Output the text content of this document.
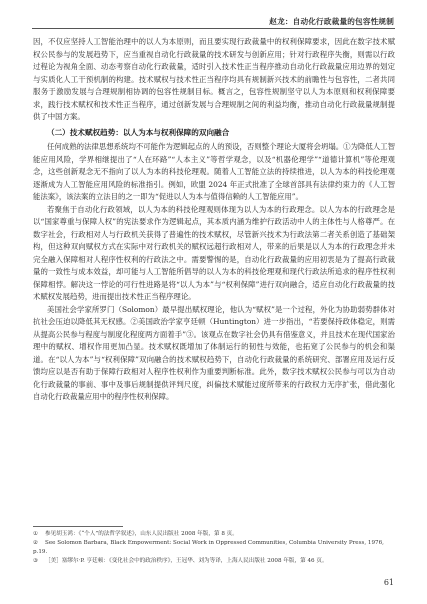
赵龙：自动化行政裁量的包容性规制

因，不仅应坚持人工智能治理中的以人为本原则，而且要实现行政裁量中的权利保障要求，因此在数字技术赋权公民参与的发展趋势下，应当重视自动化行政裁量的技术研发与创新应用；针对行政程序失衡，则需以行政过程论为视角全面、动态考察自动化行政裁量，适时引入技术性正当程序推动自动化行政裁量应用边界的划定与实质化人工干预机制的构建。技术赋权与技术性正当程序均具有规制新兴技术的前瞻性与包容性，二者共同服务于激励发展与合理规制相协调的包容性规制目标。概言之，包容性规制坚守以人为本原则和权利保障要求，践行技术赋权和技术性正当程序，通过创新发展与合理规制之间的利益均衡，推动自动化行政裁量规制提供了中国方案。

（二）技术赋权趋势：以人为本与权利保障的双向融合

任何成熟的法律思想系统均不可能作为逻辑起点的人的预设，否则整个理论大厦将会坍塌。①为降低人工智能应用风险，学界相继提出了“人在环路”“人本主义”等哲学观念，以及“机器伦理学”“道德计算机”等伦理观念，这些创新观念无不指向了以人为本的科技伦理观。随着人工智能立法的持续推进，以人为本的科技伦理观逐渐成为人工智能应用风险的标准指引。例如，欧盟 2024 年正式批准了全球首部具有法律约束力的《人工智能法案》，该法案的立法目的之一即为“促进以人为本与值得信赖的人工智能应用”。

若聚焦于自动化行政领域，以人为本的科技伦理观则体现为以人为本的行政理念。以人为本的行政理念是以“国家尊重与保障人权”的宪法要求作为逻辑起点，其本质内涵为维护行政活动中人的主体性与人格尊严。在数字社会，行政相对人与行政机关获得了普遍性的技术赋权，尽管新兴技术为行政法第二者关系创造了基础架构，但这种双向赋权方式在实际中对行政机关的赋权远超行政相对人，带来的后果是以人为本的行政理念并未完全融入保障相对人程序性权利的行政法之中。需要警惕的是，自动化行政裁量的应用初衷是为了提高行政裁量的一致性与成本效益，却可能与人工智能所倡导的以人为本的科技伦理观和现代行政法所追求的程序性权利保障相悖。解决这一悖论的可行性进路是将“以人为本”与“权利保障”进行双向融合，适应自动化行政裁量的技术赋权发展趋势，进而提出技术性正当程序理论。

美国社会学家所罗门（Solomon）最早提出赋权理论，他认为“赋权”是一个过程，外化为协助弱势群体对抗社会压迫以降低其无权感。②美国政治学家亨廷顿（Huntington）进一步指出，“若要保持政体稳定，则需从提高公民参与程度与制度化程度两方面着手”③。该观点在数字社会仍具有借鉴意义，并且技术在现代国家治理中的赋权、增权作用更加凸显。技术赋权既增加了体制运行的韧性与效能，也拓宽了公民参与的机会和渠道。在“以人为本”与“权利保障”双向融合的技术赋权趋势下，自动化行政裁量的系统研究、部署应用及运行反馈均应以是否有助于保障行政相对人程序性权利作为重要判断标准。此外，数字技术赋权公民参与可以为自动化行政裁量的事前、事中及事后规制提供评判尺度，纠偏技术赋能过度所带来的行政权力无序扩张，借此强化自动化行政裁量应用中的程序性权利保障。

① 参见胡玉鸿：《“个人”的法哲学叙述》，山东人民出版社 2008 年版，第 8 页。
② See Solomon Barbara, Black Empowerment: Social Work in Oppressed Communities, Columbia University Press, 1976, p.19.
③ ［美］塞缪尔·P. 亨廷顿：《变化社会中的政治秩序》，王冠华、刘为等译，上海人民出版社 2008 年版，第 46 页。
61
